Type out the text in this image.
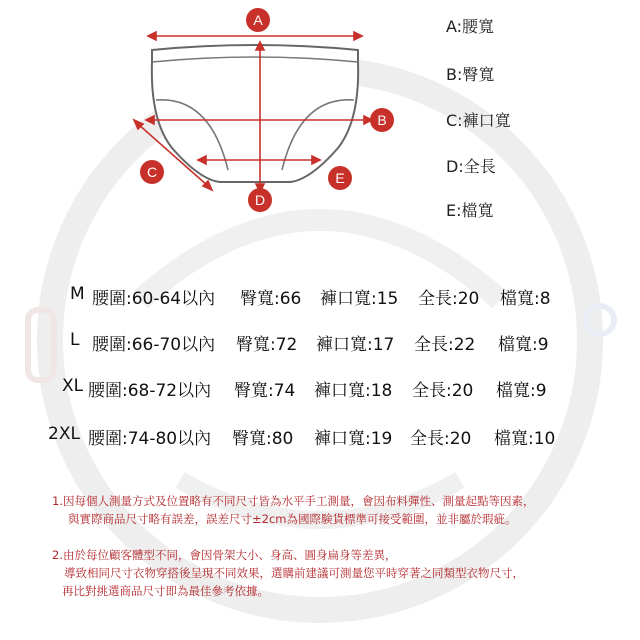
A
B
C
D
E
A:腰寬
B:臀寬
C:褲口寬
D:全長
E:檔寬
M 腰圍:60-64以內 臀寬:66 褲口寬:15 全長:20 檔寬:8
L 腰圍:66-70以內 臀寬:72 褲口寬:17 全長:22 檔寬:9
XL 腰圍:68-72以內 臀寬:74 褲口寬:18 全長:20 檔寬:9
2XL 腰圍:74-80以內 臀寬:80 褲口寬:19 全長:20 檔寬:10
1.因每個人測量方式及位置略有不同尺寸皆為水平手工測量，會因布料彈性、測量起點等因素，
與實際商品尺寸略有誤差，誤差尺寸±2cm為國際験貨標準可接受範圍，並非屬於瑕疵。
2.由於每位顧客體型不同，會因骨架大小、身高、圓身扁身等差異，
導致相同尺寸衣物穿搭後呈現不同效果，選購前建議可測量您平時穿著之同類型衣物尺寸，
再比對挑選商品尺寸即為最佳參考依據。
